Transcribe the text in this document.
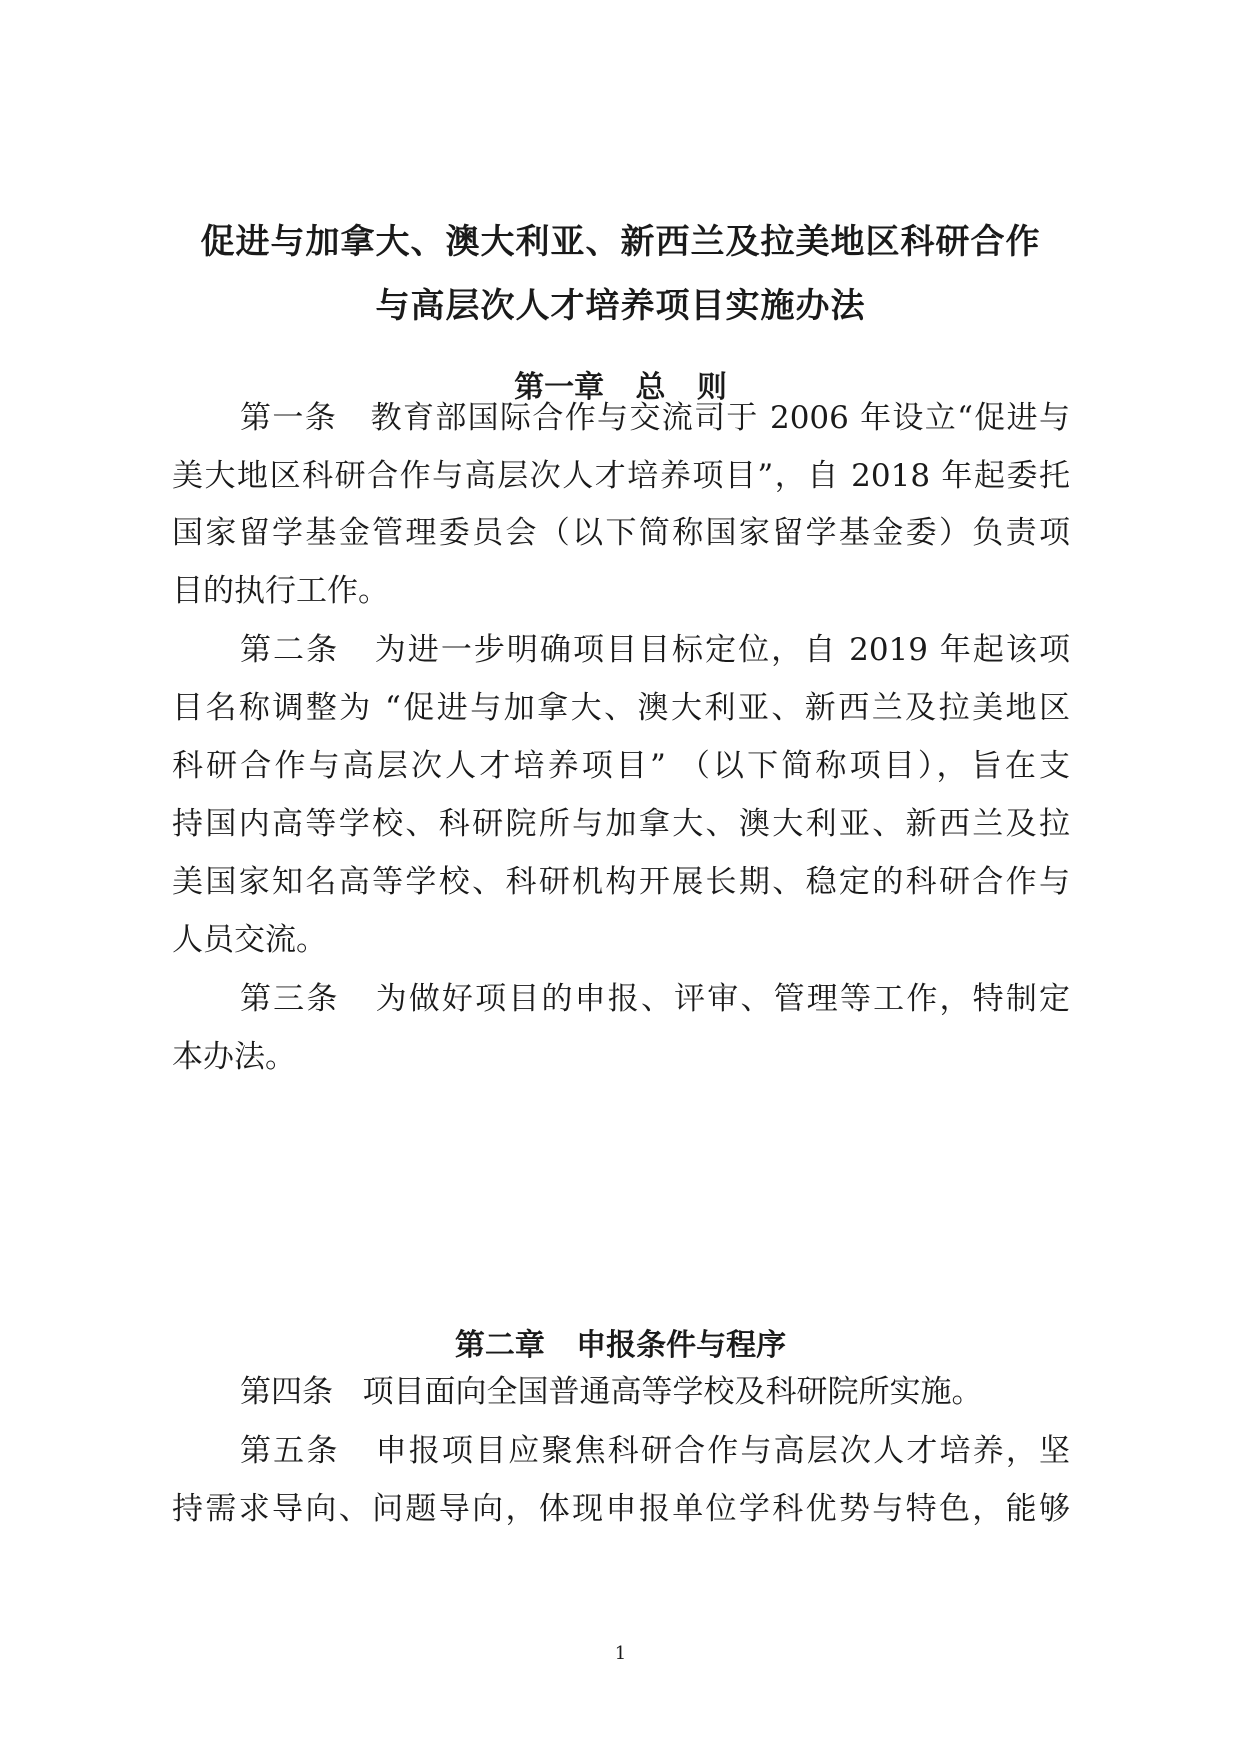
促进与加拿大、澳大利亚、新西兰及拉美地区科研合作
与高层次人才培养项目实施办法
第一章   总   则
第一条   教育部国际合作与交流司于 2006 年设立“促进与
美大地区科研合作与高层次人才培养项目”，自 2018 年起委托
国家留学基金管理委员会（以下简称国家留学基金委）负责项
目的执行工作。
第二条   为进一步明确项目目标定位，自 2019 年起该项
目名称调整为 “促进与加拿大、澳大利亚、新西兰及拉美地区
科研合作与高层次人才培养项目” （以下简称项目），旨在支
持国内高等学校、科研院所与加拿大、澳大利亚、新西兰及拉
美国家知名高等学校、科研机构开展长期、稳定的科研合作与
人员交流。
第三条   为做好项目的申报、评审、管理等工作，特制定
本办法。
第二章   申报条件与程序
第四条   项目面向全国普通高等学校及科研院所实施。
第五条   申报项目应聚焦科研合作与高层次人才培养，坚
持需求导向、问题导向，体现申报单位学科优势与特色，能够
1
